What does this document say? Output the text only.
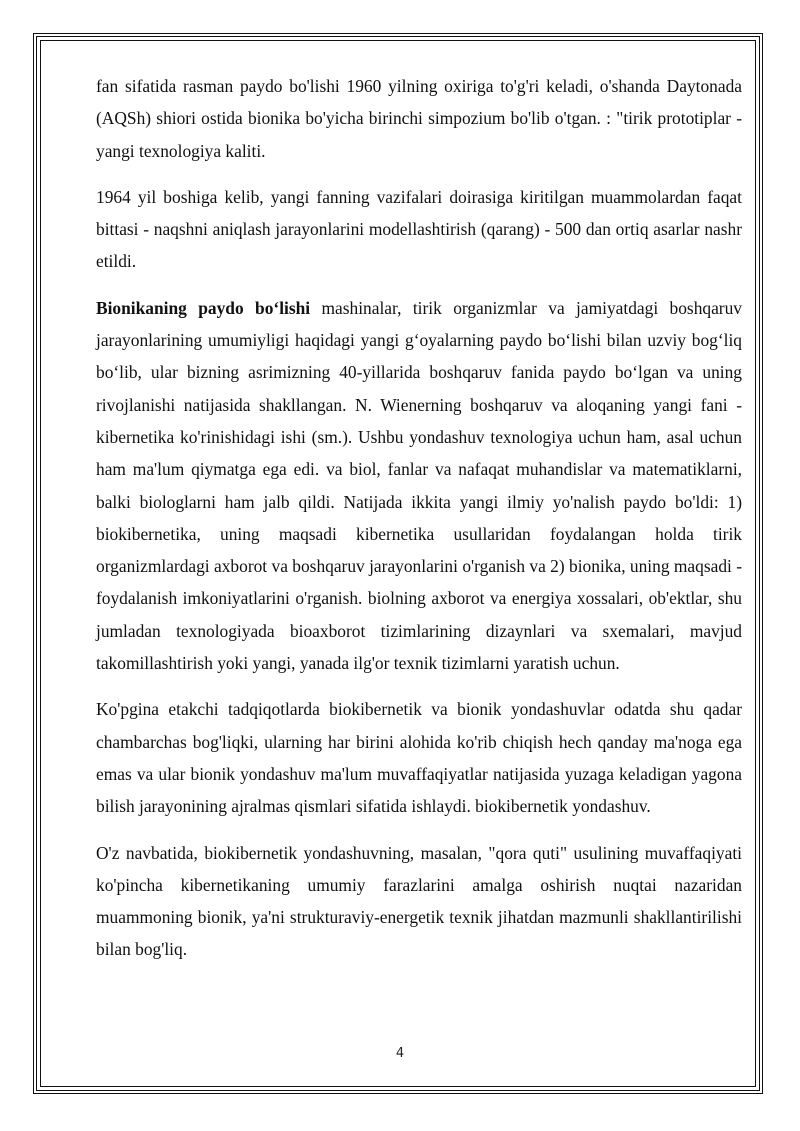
fan sifatida rasman paydo bo'lishi 1960 yilning oxiriga to'g'ri keladi, o'shanda Daytonada (AQSh) shiori ostida bionika bo'yicha birinchi simpozium bo'lib o'tgan. : "tirik prototiplar - yangi texnologiya kaliti.

1964 yil boshiga kelib, yangi fanning vazifalari doirasiga kiritilgan muammolardan faqat bittasi - naqshni aniqlash jarayonlarini modellashtirish (qarang) - 500 dan ortiq asarlar nashr etildi.

Bionikaning paydo bo‘lishi mashinalar, tirik organizmlar va jamiyatdagi boshqaruv jarayonlarining umumiyligi haqidagi yangi g‘oyalarning paydo bo‘lishi bilan uzviy bog‘liq bo‘lib, ular bizning asrimizning 40-yillarida boshqaruv fanida paydo bo‘lgan va uning rivojlanishi natijasida shakllangan. N. Wienerning boshqaruv va aloqaning yangi fani - kibernetika ko'rinishidagi ishi (sm.). Ushbu yondashuv texnologiya uchun ham, asal uchun ham ma'lum qiymatga ega edi. va biol, fanlar va nafaqat muhandislar va matematiklarni, balki biologlarni ham jalb qildi. Natijada ikkita yangi ilmiy yo'nalish paydo bo'ldi: 1) biokibernetika, uning maqsadi kibernetika usullaridan foydalangan holda tirik organizmlardagi axborot va boshqaruv jarayonlarini o'rganish va 2) bionika, uning maqsadi - foydalanish imkoniyatlarini o'rganish. biolning axborot va energiya xossalari, ob'ektlar, shu jumladan texnologiyada bioaxborot tizimlarining dizaynlari va sxemalari, mavjud takomillashtirish yoki yangi, yanada ilg'or texnik tizimlarni yaratish uchun.

Ko'pgina etakchi tadqiqotlarda biokibernetik va bionik yondashuvlar odatda shu qadar chambarchas bog'liqki, ularning har birini alohida ko'rib chiqish hech qanday ma'noga ega emas va ular bionik yondashuv ma'lum muvaffaqiyatlar natijasida yuzaga keladigan yagona bilish jarayonining ajralmas qismlari sifatida ishlaydi. biokibernetik yondashuv.

O'z navbatida, biokibernetik yondashuvning, masalan, "qora quti" usulining muvaffaqiyati ko'pincha kibernetikaning umumiy farazlarini amalga oshirish nuqtai nazaridan muammoning bionik, ya'ni strukturaviy-energetik texnik jihatdan mazmunli shakllantirilishi bilan bog'liq.

4
